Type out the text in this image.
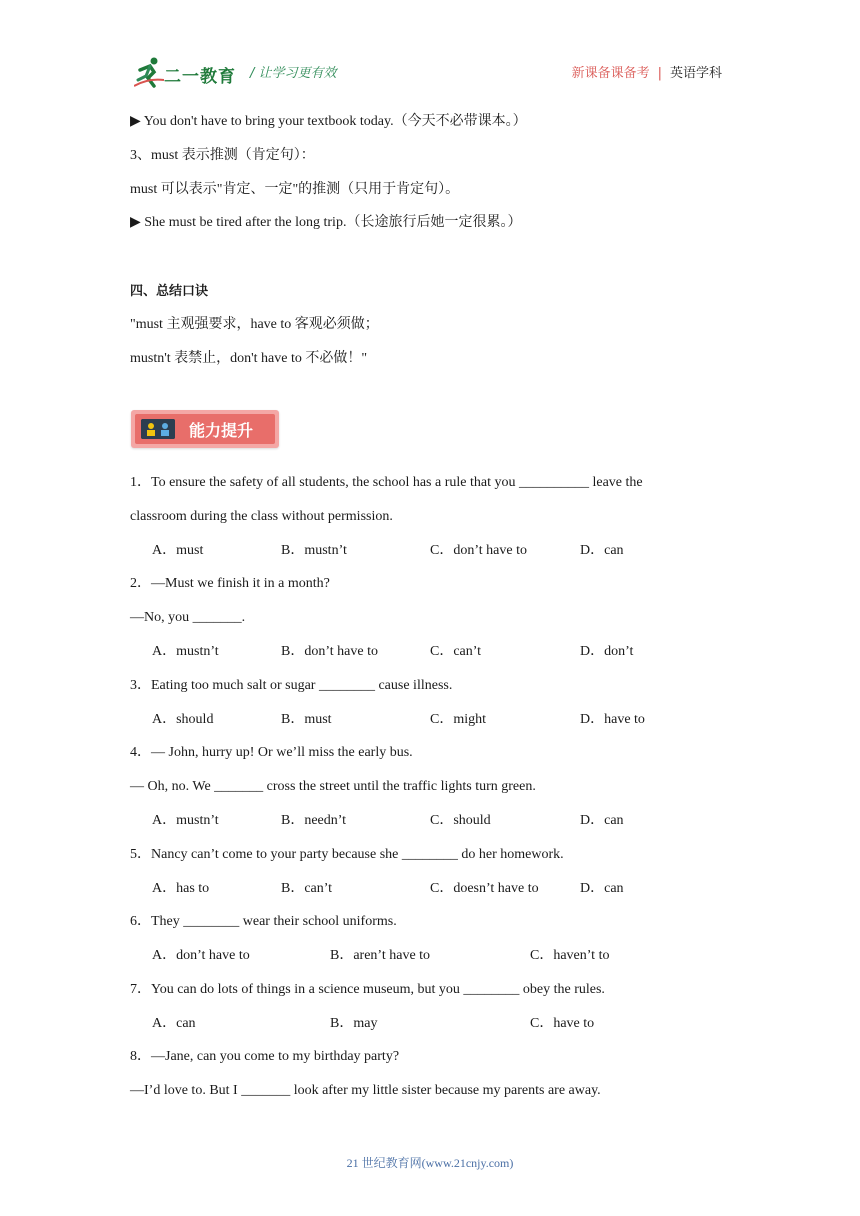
二一教育 / 让学习更有效	新课备课备考 | 英语学科
▶ You don't have to bring your textbook today.（今天不必带课本。）
3、must 表示推测（肯定句）：
must 可以表示"肯定、一定"的推测（只用于肯定句）。
▶ She must be tired after the long trip.（长途旅行后她一定很累。）
四、总结口诀
"must 主观强要求，have to 客观必须做；
mustn't 表禁止，don't have to 不必做！"
能力提升
1．To ensure the safety of all students, the school has a rule that you __________ leave the
classroom during the class without permission.
A．must	B．mustn’t	C．don’t have to	D．can
2．—Must we finish it in a month?
—No, you _______.
A．mustn’t	B．don’t have to	C．can’t	D．don’t
3．Eating too much salt or sugar ________ cause illness.
A．should	B．must	C．might	D．have to
4．— John, hurry up! Or we’ll miss the early bus.
— Oh, no. We _______ cross the street until the traffic lights turn green.
A．mustn’t	B．needn’t	C．should	D．can
5．Nancy can’t come to your party because she ________ do her homework.
A．has to	B．can’t	C．doesn’t have to	D．can
6．They ________ wear their school uniforms.
A．don’t have to	B．aren’t have to	C．haven’t to
7．You can do lots of things in a science museum, but you ________ obey the rules.
A．can	B．may	C．have to
8．—Jane, can you come to my birthday party?
—I’d love to. But I _______ look after my little sister because my parents are away.
21 世纪教育网(www.21cnjy.com)
